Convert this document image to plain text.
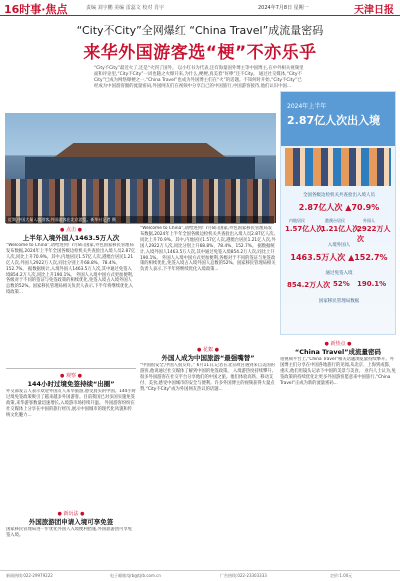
16时事·焦点	责编 刘宇鹏 美编 雷蕊文 校对 肖宇	2024年7月8日 星期一	天津日报
“City不City”全网爆红 “China Travel”成流量密码
来华外国游客选“梗”不亦乐乎
“City不City”最近火了,还是“火到了国外。 以小红书为代表,还有海量国外博主等中国博主,在中外相关视频里面和评论里,“City不City”一词也随之火爆开来,为什么,梗梗,真美着“好棒”还不City。 通过社交媒体,“City不City”已成为网络爆梗之一,“China Travel”也成为外国博主们在“火”的话题。不知何时开始,“City不City”已经成为中国游客圈的流量密码,外国网友们在视频中分享自己的中国旅行,中国游客接待,他们认识中国...
近期,中国大量入境游客,外国游客在北京游览。新华社记者 摄
2024年上半年
2.87亿人次出入境
全国各级边检机关共查验出入境人员
2.87亿人次 ▲70.9%
内地居民
1.57亿人次
港澳台居民
1.21亿人次
外国人
2922万人次
入境外国人
1463.5万人次 ▲152.7%
通过免签入境
854.2万人次 52% 190.1%
国家移民管理局数据
● 点击 ●
上半年入境外国人1463.5万人次
“Welcome to China”,请给进到! 7月8日国家,外包国家移民管理局发布数据,2024年上半年全国各级边检机关共查验出入境人员2.87亿人次,同比上升70.9%。其中,内地居民1.57亿人次,港澳台居民1.21亿人次,外国人2922万人次,同比分别上升68.8%、78.4%、152.7%。 据数据统计,入境外国人1463.5万人次,其中通过免签入境854.2万人次,同比上升190.1%。 外国人入境中国方式更加便利,各级对于不同的签证与免签政策的相续优化,免签入境占入境外国人总数的52%。国家移民管理局相关负责人表示,下半年将继续优化入境政策...
● 观察 ●
144小时过境免签持续“出圈”
外交部发言人表示欢迎外国友人来华旅游,感受真实的中国。144小时过境免签政策吸引了越来越多外国游客。目前我国已对多国实施免签政策,来华游客数量迅速增长,入境游市场持续升温。 外国游客纷纷在社交媒体上分享在中国的旅行经历,展示中国城市的现代化风貌和传统文化魅力...
● 新玩法 ●
外国旅游团申请入境可享免签
国家移民管理局进一步优化外国人入境便利措施,外国旅游团可享免签入境。
“Welcome to China”,请给进到! 7月8日国家,外包国家移民管理局发布数据,2024年上半年全国各级边检机关共查验出入境人员2.87亿人次,同比上升70.9%。其中,内地居民1.57亿人次,港澳台居民1.21亿人次,外国人2922万人次,同比分别上升68.8%、78.4%、152.7%。 据数据统计,入境外国人1463.5万人次,其中通过免签入境854.2万人次,同比上升190.1%。 外国人入境中国方式更加便利,各级对于不同的签证与免签政策的相续优化,免签入境占入境外国人总数的52%。国家移民管理局相关负责人表示,下半年将继续优化入境政策...
● 花絮 ●
外国人成为中国旅游“最强嘴替”
“中国很安全,中国人很友好。” 6月11日,记者在北京故宫遇到来自美国的游客,他说通过社交媒体了解到中国的免签政策。 入境游热度持续攀升,很多外国游客在社交平台分享他们的中国之旅。他们体验高铁、移动支付、美食,感受中国城市的安全与便利。许多外国博主的视频获得大量点赞,“City不City”成为外国网友热议的话题...
● 新热点 ●
“China Travel”成流量密码
短视频平台上,“China Travel”相关话题浏览量持续攀升。外国博主们分享在中国各地旅行的见闻,从北京、上海到成都、重庆,他们用镜头记录下中国的美景与美食。 业内人士认为,免签政策的持续优化让更多外国游客愿意来中国旅行,“China Travel”正成为新的流量密码...
新闻热线:022-29979222	电子邮箱:tjrb@tjrb.com.cn	广告热线:022-23303333	定价:1.00元
